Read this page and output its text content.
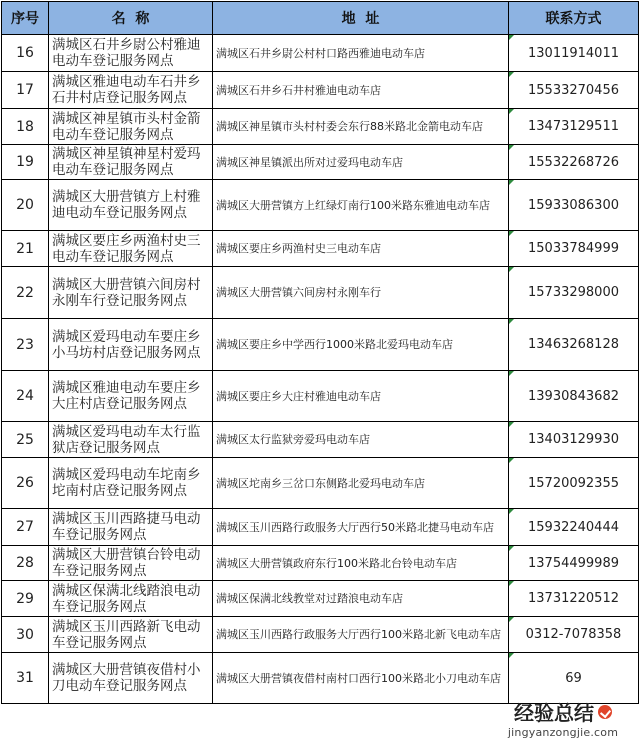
序号	名  称	地  址	联系方式
16	满城区石井乡尉公村雅迪电动车登记服务网点	满城区石井乡尉公村村口路西雅迪电动车店	13011914011
17	满城区雅迪电动车石井乡石井村店登记服务网点	满城区石井乡石井村雅迪电动车店	15533270456
18	满城区神星镇市头村金箭电动车登记服务网点	满城区神星镇市头村村委会东行88米路北金箭电动车店	13473129511
19	满城区神星镇神星村爱玛电动车登记服务网点	满城区神星镇派出所对过爱玛电动车店	15532268726
20	满城区大册营镇方上村雅迪电动车登记服务网点	满城区大册营镇方上红绿灯南行100米路东雅迪电动车店	15933086300
21	满城区要庄乡两渔村史三电动车登记服务网点	满城区要庄乡两渔村史三电动车店	15033784999
22	满城区大册营镇六间房村永刚车行登记服务网点	满城区大册营镇六间房村永刚车行	15733298000
23	满城区爱玛电动车要庄乡小马坊村店登记服务网点	满城区要庄乡中学西行1000米路北爱玛电动车店	13463268128
24	满城区雅迪电动车要庄乡大庄村店登记服务网点	满城区要庄乡大庄村雅迪电动车店	13930843682
25	满城区爱玛电动车太行监狱店登记服务网点	满城区太行监狱旁爱玛电动车店	13403129930
26	满城区爱玛电动车坨南乡坨南村店登记服务网点	满城区坨南乡三岔口东侧路北爱玛电动车店	15720092355
27	满城区玉川西路捷马电动车登记服务网点	满城区玉川西路行政服务大厅西行50米路北捷马电动车店	15932240444
28	满城区大册营镇台铃电动车登记服务网点	满城区大册营镇政府东行100米路北台铃电动车店	13754499989
29	满城区保满北线踏浪电动车登记服务网点	满城区保满北线教堂对过踏浪电动车店	13731220512
30	满城区玉川西路新飞电动车登记服务网点	满城区玉川西路行政服务大厅西行100米路北新飞电动车店	0312-7078358
31	满城区大册营镇夜借村小刀电动车登记服务网点	满城区大册营镇夜借村南村口西行100米路北小刀电动车店	69
经验总结
jingyanzongjie.com
